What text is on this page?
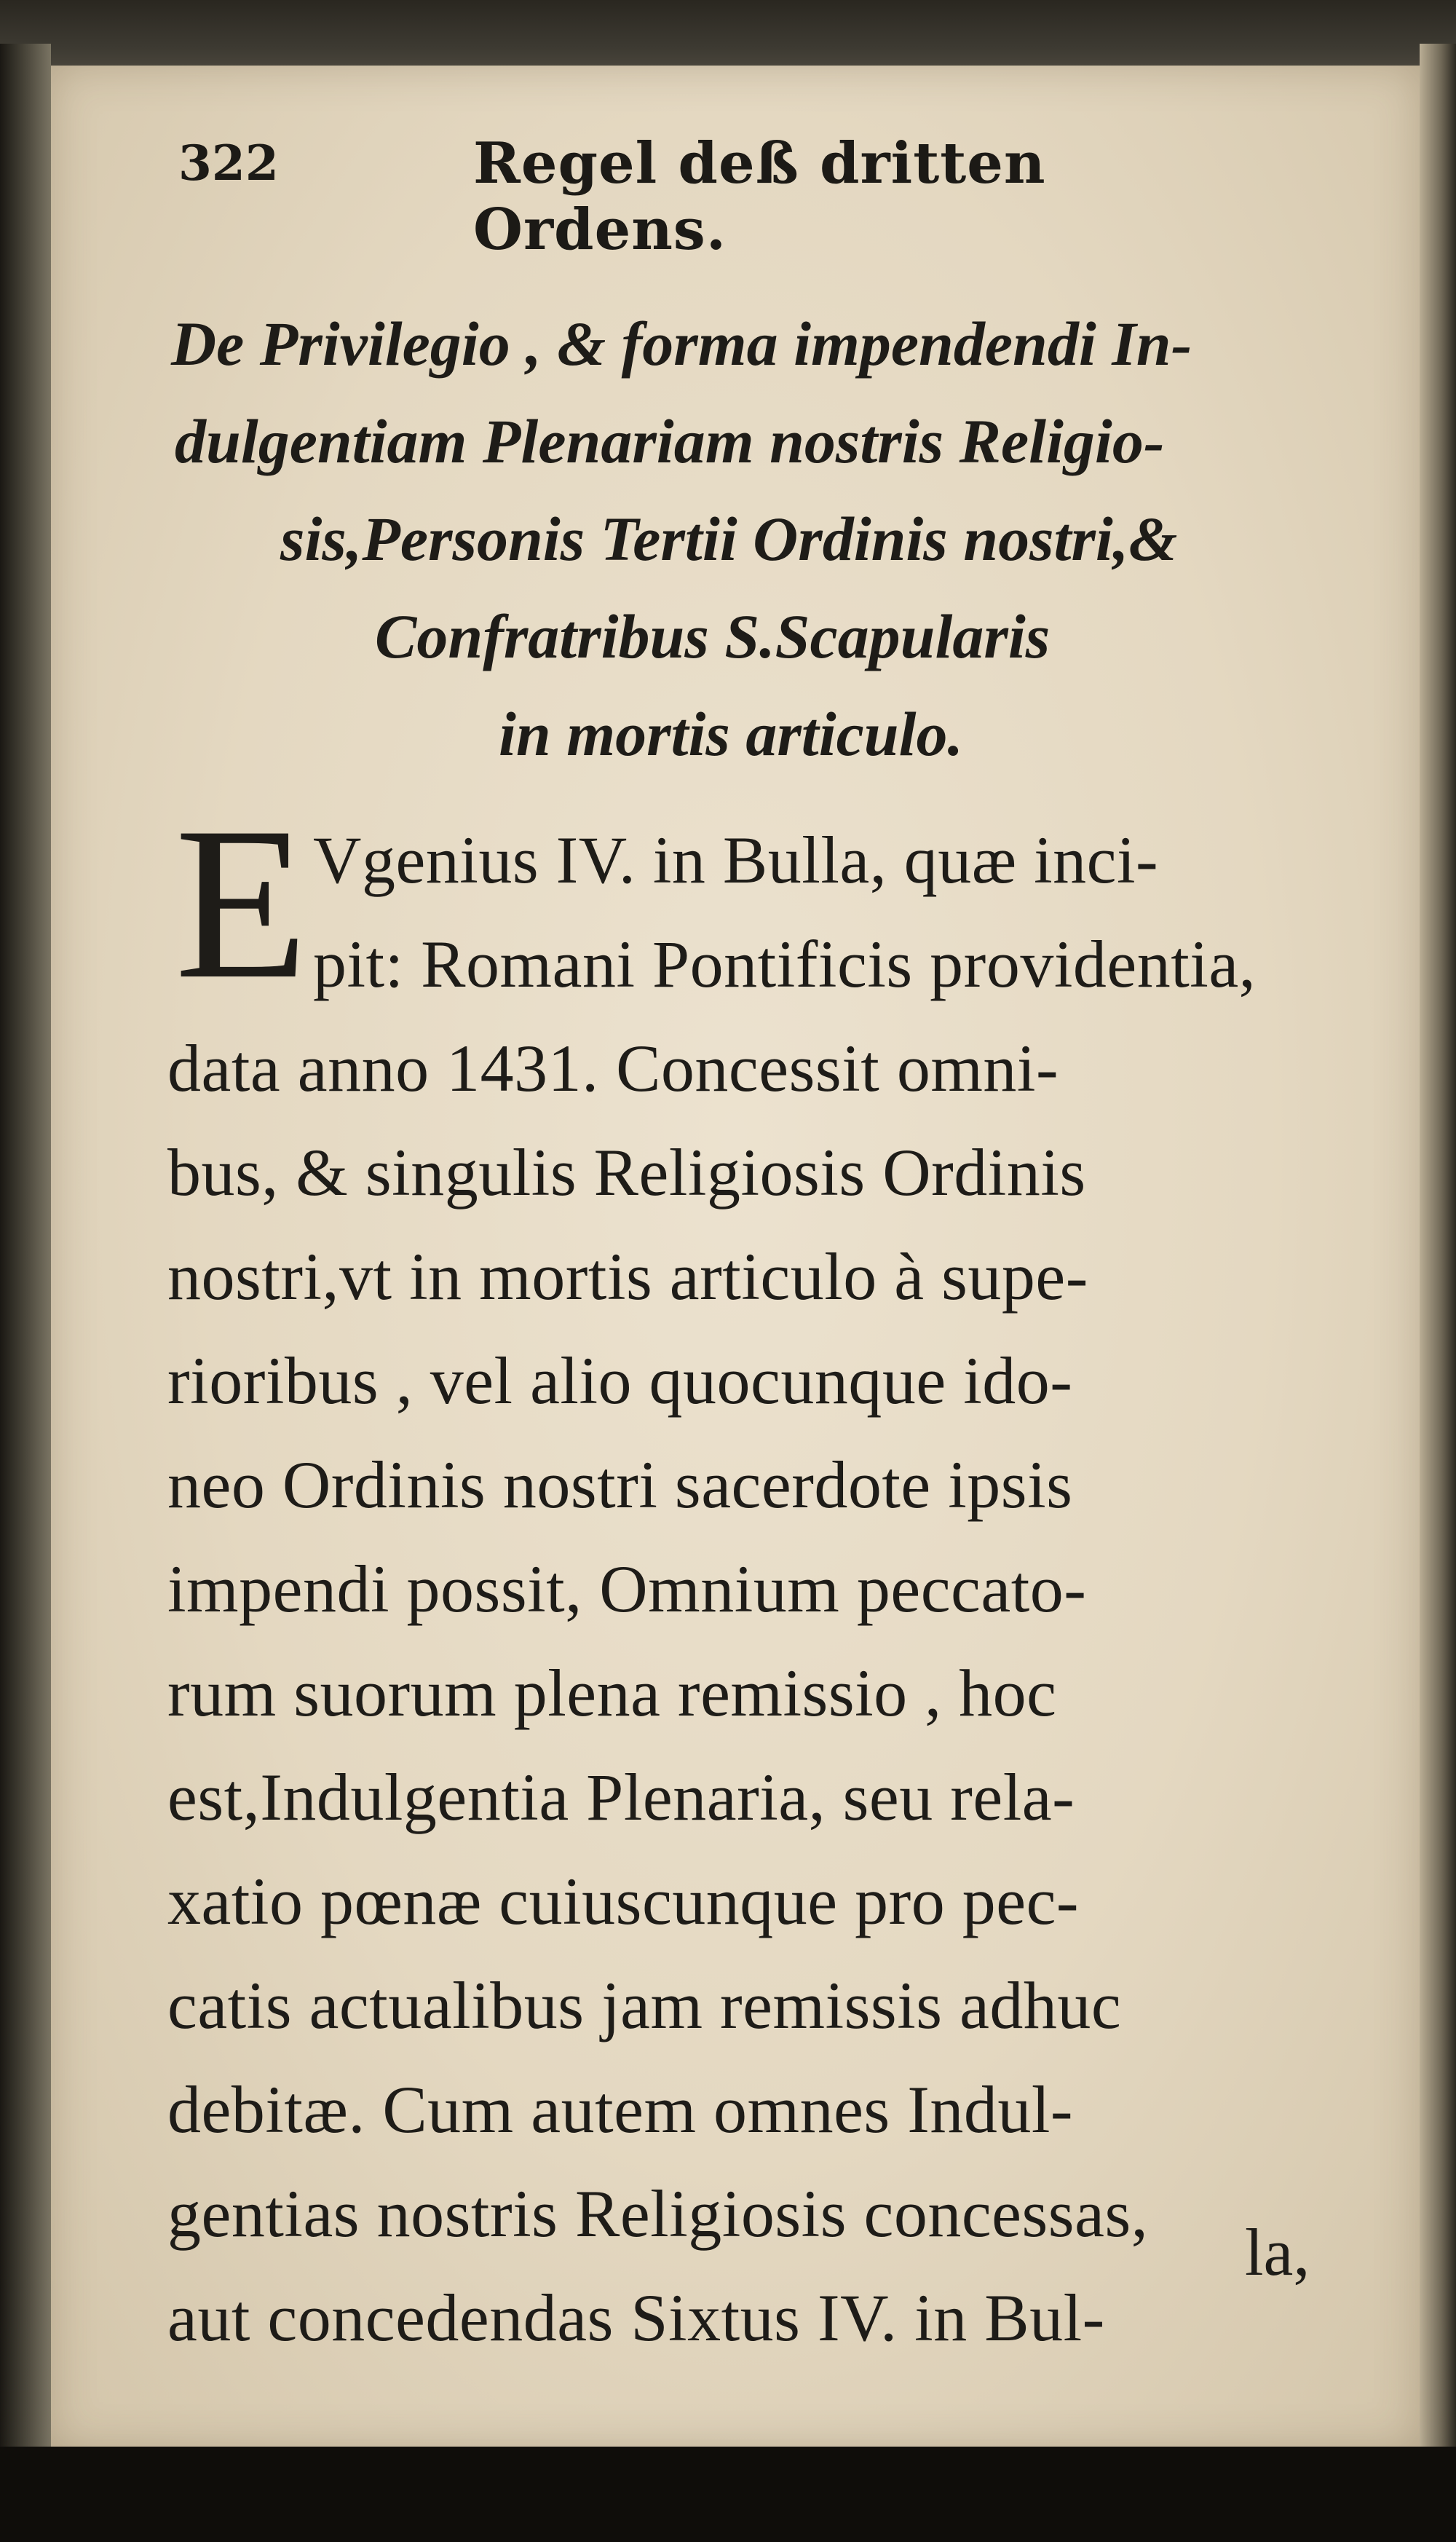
322	Regel deß dritten Ordens.
De Privilegio , & forma impendendi In-
dulgentiam Plenariam nostris Religio-
sis,Personis Tertii Ordinis nostri,&
Confratribus S.Scapularis
in mortis articulo.
E Vgenius IV. in Bulla, quæ inci-
pit: Romani Pontificis providentia,
data anno 1431. Concessit omni-
bus, & singulis Religiosis Ordinis
nostri,vt in mortis articulo à supe-
rioribus , vel alio quocunque ido-
neo Ordinis nostri sacerdote ipsis
impendi possit, Omnium peccato-
rum suorum plena remissio , hoc
est,Indulgentia Plenaria, seu rela-
xatio pœnæ cuiuscunque pro pec-
catis actualibus jam remissis adhuc
debitæ. Cum autem omnes Indul-
gentias nostris Religiosis concessas,
aut concedendas Sixtus IV. in Bul-
la,
